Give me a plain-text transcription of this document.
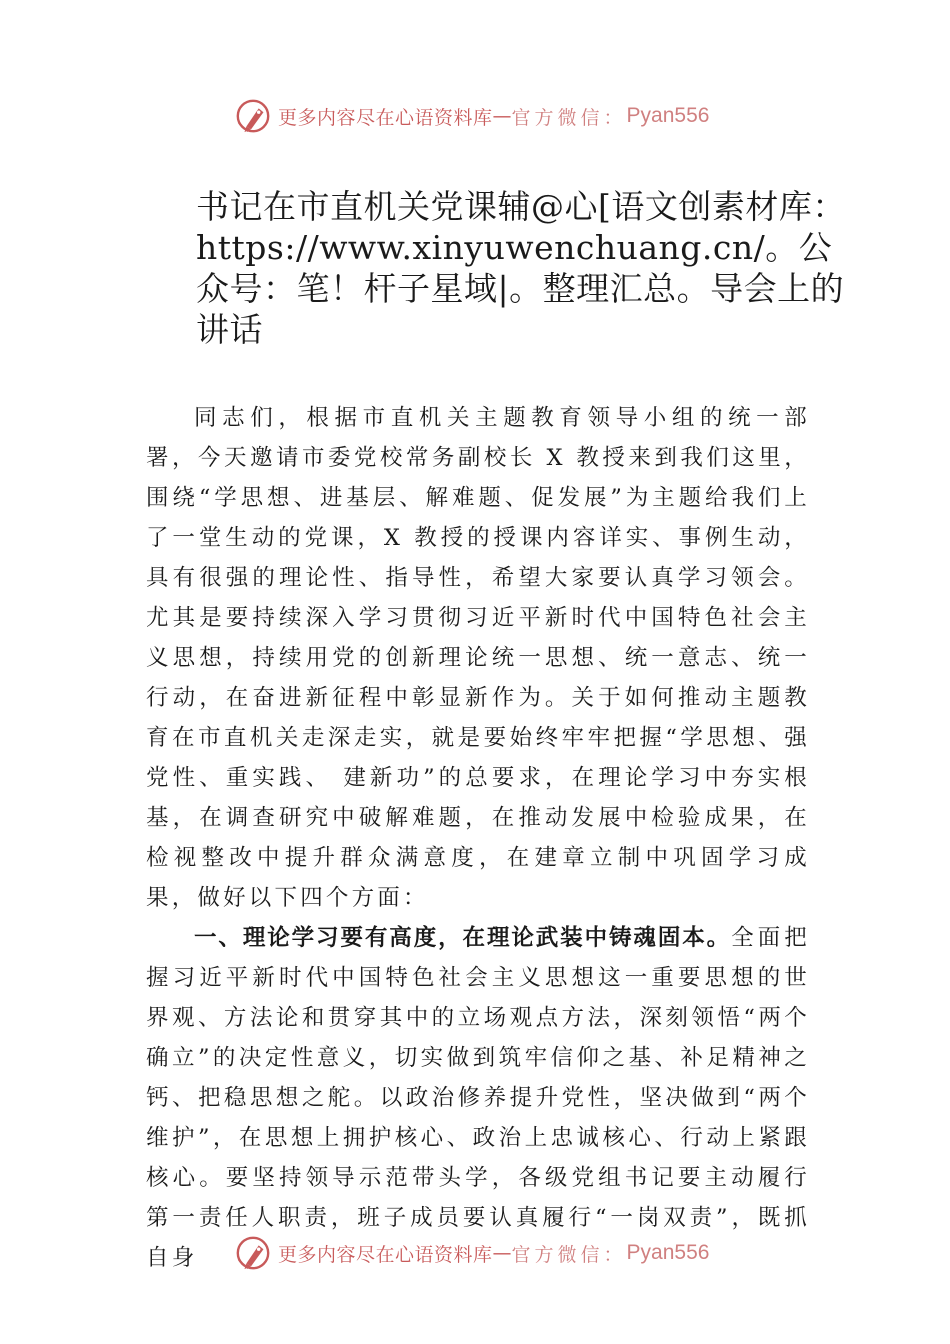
更多内容尽在心语资料库 — 官方微信： Pyan556
书记在市直机关党课辅@心[语文创素材库：https://www.xinyuwenchuang.cn/。公众号：笔！杆子星域|。整理汇总。导会上的讲话

同志们，根据市直机关主题教育领导小组的统一部署，今天邀请市委党校常务副校长 X 教授来到我们这里，围绕“学思想、进基层、解难题、促发展”为主题给我们上了一堂生动的党课，X 教授的授课内容详实、事例生动，具有很强的理论性、指导性，希望大家要认真学习领会。尤其是要持续深入学习贯彻习近平新时代中国特色社会主义思想，持续用党的创新理论统一思想、统一意志、统一行动，在奋进新征程中彰显新作为。关于如何推动主题教育在市直机关走深走实，就是要始终牢牢把握“学思想、强党性、重实践、 建新功”的总要求，在理论学习中夯实根基，在调查研究中破解难题，在推动发展中检验成果，在检视整改中提升群众满意度，在建章立制中巩固学习成果，做好以下四个方面：

一、理论学习要有高度，在理论武装中铸魂固本。全面把握习近平新时代中国特色社会主义思想这一重要思想的世界观、方法论和贯穿其中的立场观点方法，深刻领悟“两个确立”的决定性意义，切实做到筑牢信仰之基、补足精神之钙、把稳思想之舵。以政治修养提升党性，坚决做到“两个维护”，在思想上拥护核心、政治上忠诚核心、行动上紧跟核心。要坚持领导示范带头学，各级党组书记要主动履行第一责任人职责，班子成员要认真履行“一岗双责”，既抓自身	更多内容尽在心语资料库 — 官方微信： Pyan556
